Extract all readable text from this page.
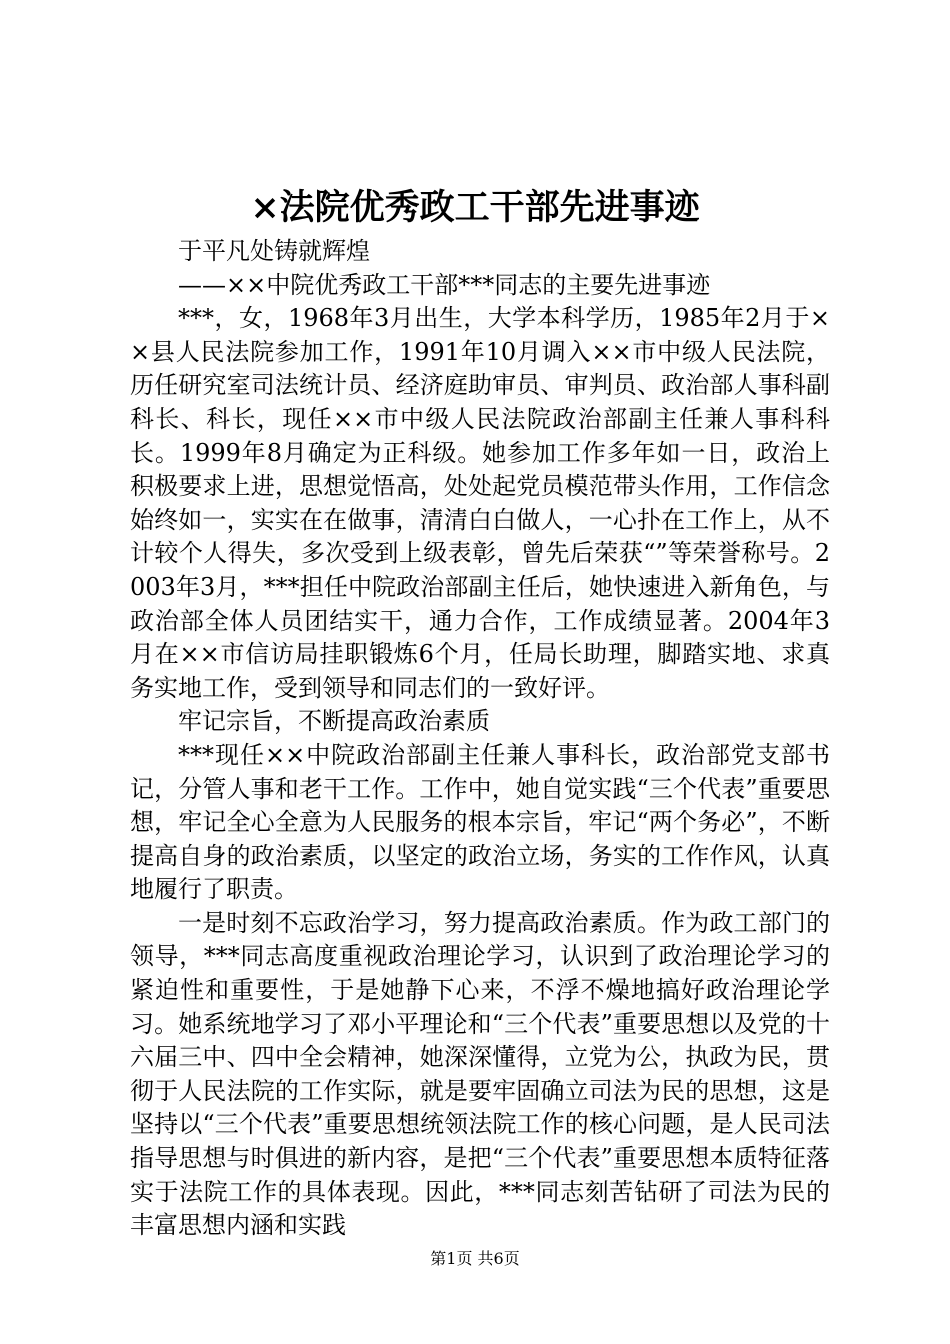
×法院优秀政工干部先进事迹

于平凡处铸就辉煌

——××中院优秀政工干部***同志的主要先进事迹

***，女，1968年3月出生，大学本科学历，1985年2月于××县人民法院参加工作，1991年10月调入××市中级人民法院，历任研究室司法统计员、经济庭助审员、审判员、政治部人事科副科长、科长，现任××市中级人民法院政治部副主任兼人事科科长。1999年8月确定为正科级。她参加工作多年如一日，政治上积极要求上进，思想觉悟高，处处起党员模范带头作用，工作信念始终如一，实实在在做事，清清白白做人，一心扑在工作上，从不计较个人得失，多次受到上级表彰，曾先后荣获“”等荣誉称号。2003年3月，***担任中院政治部副主任后，她快速进入新角色，与政治部全体人员团结实干，通力合作，工作成绩显著。2004年3月在××市信访局挂职锻炼6个月，任局长助理，脚踏实地、求真务实地工作，受到领导和同志们的一致好评。

牢记宗旨，不断提高政治素质

***现任××中院政治部副主任兼人事科长，政治部党支部书记，分管人事和老干工作。工作中，她自觉实践“三个代表”重要思想，牢记全心全意为人民服务的根本宗旨，牢记“两个务必”，不断提高自身的政治素质，以坚定的政治立场，务实的工作作风，认真地履行了职责。

一是时刻不忘政治学习，努力提高政治素质。作为政工部门的领导，***同志高度重视政治理论学习，认识到了政治理论学习的紧迫性和重要性，于是她静下心来，不浮不燥地搞好政治理论学习。她系统地学习了邓小平理论和“三个代表”重要思想以及党的十六届三中、四中全会精神，她深深懂得，立党为公，执政为民，贯彻于人民法院的工作实际，就是要牢固确立司法为民的思想，这是坚持以“三个代表”重要思想统领法院工作的核心问题，是人民司法指导思想与时俱进的新内容，是把“三个代表”重要思想本质特征落实于法院工作的具体表现。因此，***同志刻苦钻研了司法为民的丰富思想内涵和实践

第1页 共6页
